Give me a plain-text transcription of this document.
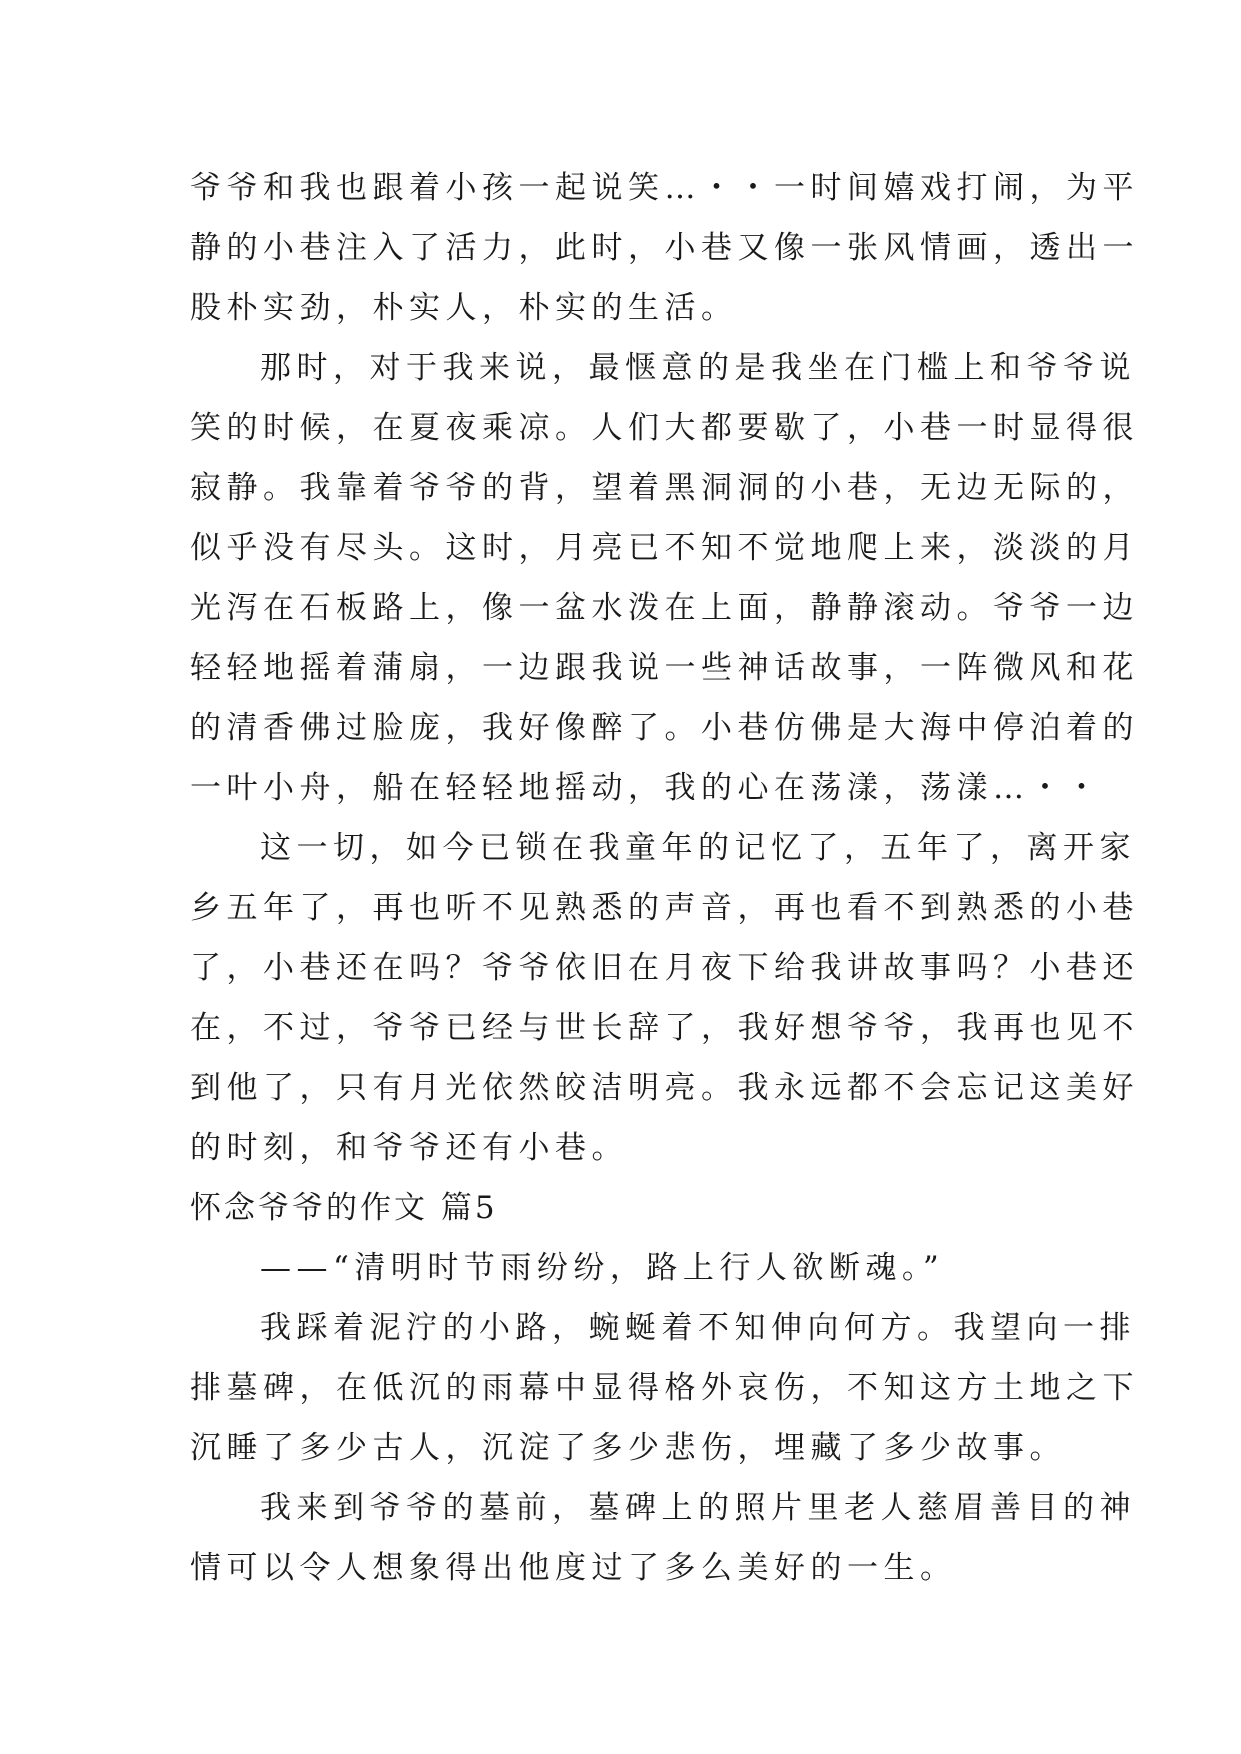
爷爷和我也跟着小孩一起说笑…・・一时间嬉戏打闹，为平
静的小巷注入了活力，此时，小巷又像一张风情画，透出一
股朴实劲，朴实人，朴实的生活。
那时，对于我来说，最惬意的是我坐在门槛上和爷爷说
笑的时候，在夏夜乘凉。人们大都要歇了，小巷一时显得很
寂静。我靠着爷爷的背，望着黑洞洞的小巷，无边无际的，
似乎没有尽头。这时，月亮已不知不觉地爬上来，淡淡的月
光泻在石板路上，像一盆水泼在上面，静静滚动。爷爷一边
轻轻地摇着蒲扇，一边跟我说一些神话故事，一阵微风和花
的清香佛过脸庞，我好像醉了。小巷仿佛是大海中停泊着的
一叶小舟，船在轻轻地摇动，我的心在荡漾，荡漾…・・
这一切，如今已锁在我童年的记忆了，五年了，离开家
乡五年了，再也听不见熟悉的声音，再也看不到熟悉的小巷
了，小巷还在吗？爷爷依旧在月夜下给我讲故事吗？小巷还
在，不过，爷爷已经与世长辞了，我好想爷爷，我再也见不
到他了，只有月光依然皎洁明亮。我永远都不会忘记这美好
的时刻，和爷爷还有小巷。
怀念爷爷的作文 篇5
——“清明时节雨纷纷，路上行人欲断魂。”
我踩着泥泞的小路，蜿蜒着不知伸向何方。我望向一排
排墓碑，在低沉的雨幕中显得格外哀伤，不知这方土地之下
沉睡了多少古人，沉淀了多少悲伤，埋藏了多少故事。
我来到爷爷的墓前，墓碑上的照片里老人慈眉善目的神
情可以令人想象得出他度过了多么美好的一生。
